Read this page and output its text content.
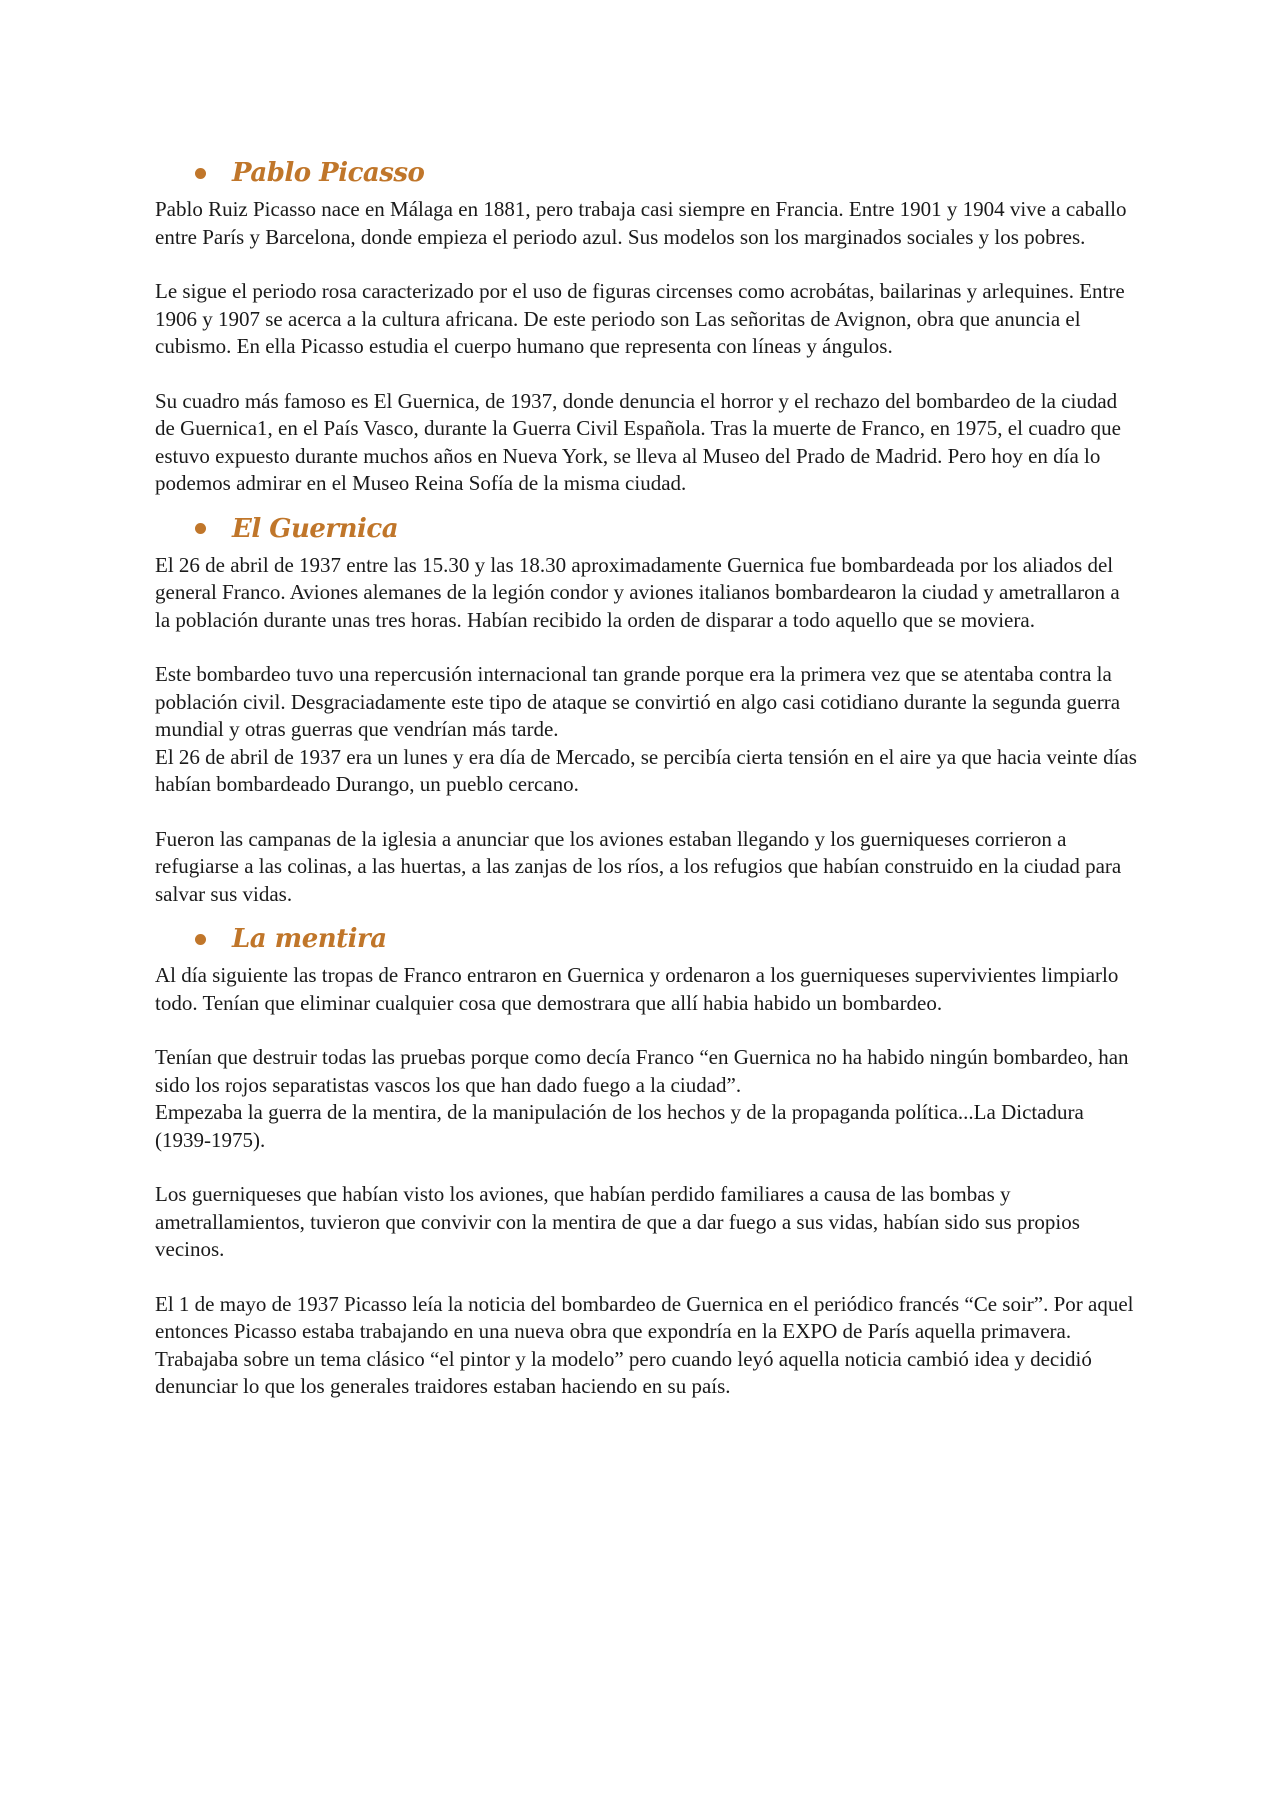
Pablo Picasso

Pablo Ruiz Picasso nace en Málaga en 1881, pero trabaja casi siempre en Francia. Entre 1901 y 1904 vive a caballo entre París y Barcelona, donde empieza el periodo azul. Sus modelos son los marginados sociales y los pobres.

Le sigue el periodo rosa caracterizado por el uso de figuras circenses como acrobátas, bailarinas y arlequines. Entre 1906 y 1907 se acerca a la cultura africana. De este periodo son Las señoritas de Avignon, obra que anuncia el cubismo. En ella Picasso estudia el cuerpo humano que representa con líneas y ángulos.

Su cuadro más famoso es El Guernica, de 1937, donde denuncia el horror y el rechazo del bombardeo de la ciudad de Guernica1, en el País Vasco, durante la Guerra Civil Española. Tras la muerte de Franco, en 1975, el cuadro que estuvo expuesto durante muchos años en Nueva York, se lleva al Museo del Prado de Madrid. Pero hoy en día lo podemos admirar en el Museo Reina Sofía de la misma ciudad.

El Guernica

El 26 de abril de 1937 entre las 15.30 y las 18.30 aproximadamente Guernica fue bombardeada por los aliados del general Franco. Aviones alemanes de la legión condor y aviones italianos bombardearon la ciudad y ametrallaron a la población durante unas tres horas. Habían recibido la orden de disparar a todo aquello que se moviera.

Este bombardeo tuvo una repercusión internacional tan grande porque era la primera vez que se atentaba contra la población civil. Desgraciadamente este tipo de ataque se convirtió en algo casi cotidiano durante la segunda guerra mundial y otras guerras que vendrían más tarde.

El 26 de abril de 1937 era un lunes y era día de Mercado, se percibía cierta tensión en el aire ya que hacia veinte días habían bombardeado Durango, un pueblo cercano.

Fueron las campanas de la iglesia a anunciar que los aviones estaban llegando y los guerniqueses corrieron a refugiarse a las colinas, a las huertas, a las zanjas de los ríos, a los refugios que habían construido en la ciudad para salvar sus vidas.

La mentira

Al día siguiente las tropas de Franco entraron en Guernica y ordenaron a los guerniqueses supervivientes limpiarlo todo. Tenían que eliminar cualquier cosa que demostrara que allí habia habido un bombardeo.

Tenían que destruir todas las pruebas porque como decía Franco “en Guernica no ha habido ningún bombardeo, han sido los rojos separatistas vascos los que han dado fuego a la ciudad”.

Empezaba la guerra de la mentira, de la manipulación de los hechos y de la propaganda política...La Dictadura (1939-1975).

Los guerniqueses que habían visto los aviones, que habían perdido familiares a causa de las bombas y ametrallamientos, tuvieron que convivir con la mentira de que a dar fuego a sus vidas, habían sido sus propios vecinos.

El 1 de mayo de 1937 Picasso leía la noticia del bombardeo de Guernica en el periódico francés “Ce soir”. Por aquel entonces Picasso estaba trabajando en una nueva obra que expondría en la EXPO de París aquella primavera. Trabajaba sobre un tema clásico “el pintor y la modelo” pero cuando leyó aquella noticia cambió idea y decidió denunciar lo que los generales traidores estaban haciendo en su país.
